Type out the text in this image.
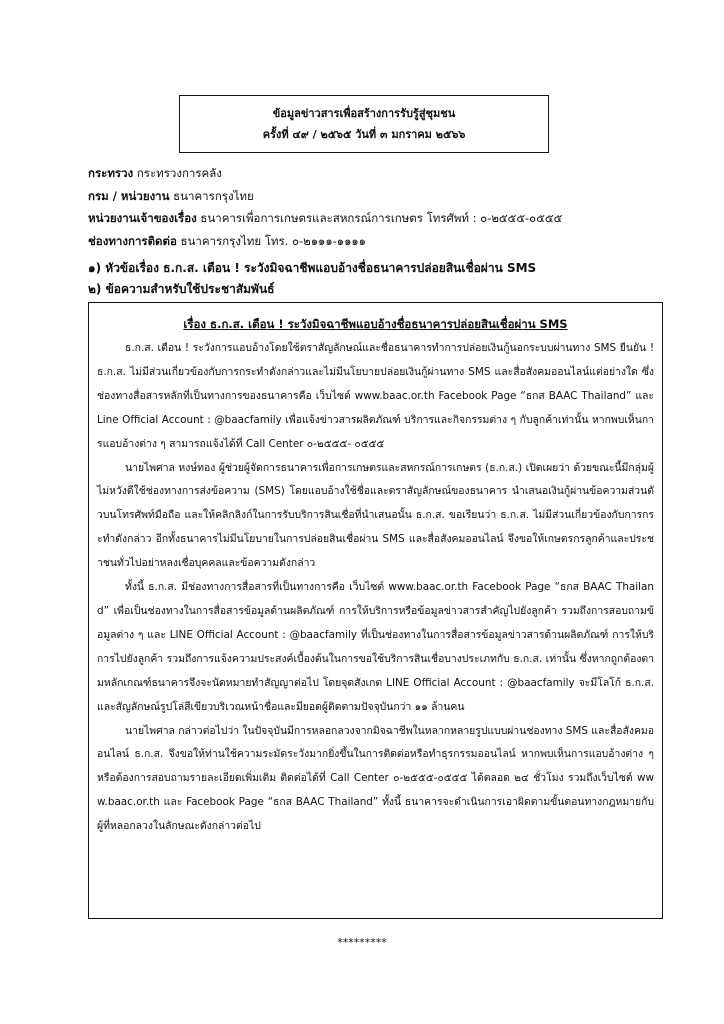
ข้อมูลข่าวสารเพื่อสร้างการรับรู้สู่ชุมชน
ครั้งที่ ๔๙ / ๒๕๖๕ วันที่ ๓ มกราคม ๒๕๖๖
กระทรวง กระทรวงการคลัง
กรม / หน่วยงาน ธนาคารกรุงไทย
หน่วยงานเจ้าของเรื่อง ธนาคารเพื่อการเกษตรและสหกรณ์การเกษตร โทรศัพท์ : ๐-๒๕๕๕-๐๕๕๕
ช่องทางการติดต่อ ธนาคารกรุงไทย โทร. ๐-๒๑๑๑-๑๑๑๑
๑) หัวข้อเรื่อง ธ.ก.ส. เตือน ! ระวังมิจฉาชีพแอบอ้างชื่อธนาคารปล่อยสินเชื่อผ่าน SMS
๒) ข้อความสำหรับใช้ประชาสัมพันธ์
เรื่อง ธ.ก.ส. เตือน ! ระวังมิจฉาชีพแอบอ้างชื่อธนาคารปล่อยสินเชื่อผ่าน SMS

ธ.ก.ส. เตือน ! ระวังการแอบอ้างโดยใช้ตราสัญลักษณ์และชื่อธนาคารทำการปล่อยเงินกู้นอกระบบผ่านทาง SMS ยืนยัน ! ธ.ก.ส. ไม่มีส่วนเกี่ยวข้องกับการกระทำดังกล่าวและไม่มีนโยบายปล่อยเงินกู้ผ่านทาง SMS และสื่อสังคมออนไลน์แต่อย่างใด ซึ่งช่องทางสื่อสารหลักที่เป็นทางการของธนาคารคือ เว็บไซต์ www.baac.or.th Facebook Page “ธกส BAAC Thailand” และ Line Official Account : @baacfamily เพื่อแจ้งข่าวสารผลิตภัณฑ์ บริการและกิจกรรมต่าง ๆ กับลูกค้าเท่านั้น หากพบเห็นการแอบอ้างต่าง ๆ สามารถแจ้งได้ที่ Call Center ๐-๒๕๕๕- ๐๕๕๕

นายไพศาล หงษ์ทอง ผู้ช่วยผู้จัดการธนาคารเพื่อการเกษตรและสหกรณ์การเกษตร (ธ.ก.ส.) เปิดเผยว่า ด้วยขณะนี้มีกลุ่มผู้ไม่หวังดีใช้ช่องทางการส่งข้อความ (SMS) โดยแอบอ้างใช้ชื่อและตราสัญลักษณ์ของธนาคาร นำเสนอเงินกู้ผ่านข้อความส่วนตัวบนโทรศัพท์มือถือ และให้คลิกลิงก์ในการรับบริการสินเชื่อที่นำเสนอนั้น ธ.ก.ส. ขอเรียนว่า ธ.ก.ส. ไม่มีส่วนเกี่ยวข้องกับการกระทำดังกล่าว อีกทั้งธนาคารไม่มีนโยบายในการปล่อยสินเชื่อผ่าน SMS และสื่อสังคมออนไลน์ จึงขอให้เกษตรกรลูกค้าและประชาชนทั่วไปอย่าหลงเชื่อบุคคลและข้อความดังกล่าว

ทั้งนี้ ธ.ก.ส. มีช่องทางการสื่อสารที่เป็นทางการคือ เว็บไซต์ www.baac.or.th Facebook Page “ธกส BAAC Thailand” เพื่อเป็นช่องทางในการสื่อสารข้อมูลด้านผลิตภัณฑ์ การให้บริการหรือข้อมูลข่าวสารสำคัญไปยังลูกค้า รวมถึงการสอบถามข้อมูลต่าง ๆ และ LINE Official Account : @baacfamily ที่เป็นช่องทางในการสื่อสารข้อมูลข่าวสารด้านผลิตภัณฑ์ การให้บริการไปยังลูกค้า รวมถึงการแจ้งความประสงค์เบื้องต้นในการขอใช้บริการสินเชื่อบางประเภทกับ ธ.ก.ส. เท่านั้น ซึ่งหากถูกต้องตามหลักเกณฑ์ธนาคารจึงจะนัดหมายทำสัญญาต่อไป โดยจุดสังเกต LINE Official Account : @baacfamily จะมีโลโก้ ธ.ก.ส. และสัญลักษณ์รูปโล่สีเขียวบริเวณหน้าชื่อและมียอดผู้ติดตามปัจจุบันกว่า ๑๑ ล้านคน

นายไพศาล กล่าวต่อไปว่า ในปัจจุบันมีการหลอกลวงจากมิจฉาชีพในหลากหลายรูปแบบผ่านช่องทาง SMS และสื่อสังคมออนไลน์ ธ.ก.ส. จึงขอให้ท่านใช้ความระมัดระวังมากยิ่งขึ้นในการติดต่อหรือทำธุรกรรมออนไลน์ หากพบเห็นการแอบอ้างต่าง ๆ หรือต้องการสอบถามรายละเอียดเพิ่มเติม ติดต่อได้ที่ Call Center ๐-๒๕๕๕-๐๕๕๕ ได้ตลอด ๒๔ ชั่วโมง รวมถึงเว็บไซต์ www.baac.or.th และ Facebook Page “ธกส BAAC Thailand” ทั้งนี้ ธนาคารจะดำเนินการเอาผิดตามขั้นตอนทางกฎหมายกับผู้ที่หลอกลวงในลักษณะดังกล่าวต่อไป

*********
